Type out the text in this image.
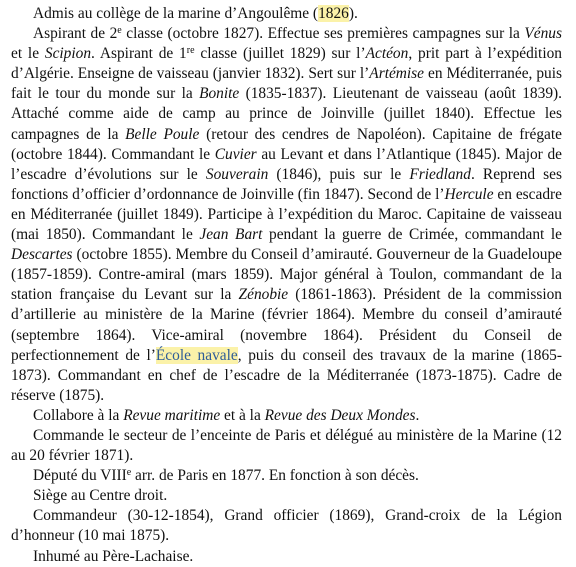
Admis au collège de la marine d’Angoulême (1826).

Aspirant de 2e classe (octobre 1827). Effectue ses premières campagnes sur la Vénus et le Scipion. Aspirant de 1re classe (juillet 1829) sur l’Actéon, prit part à l’expédition d’Algérie. Enseigne de vaisseau (janvier 1832). Sert sur l’Artémise en Méditerranée, puis fait le tour du monde sur la Bonite (1835-1837). Lieutenant de vaisseau (août 1839). Attaché comme aide de camp au prince de Joinville (juillet 1840). Effectue les campagnes de la Belle Poule (retour des cendres de Napoléon). Capitaine de frégate (octobre 1844). Commandant le Cuvier au Levant et dans l’Atlantique (1845). Major de l’escadre d’évolutions sur le Souverain (1846), puis sur le Friedland. Reprend ses fonctions d’officier d’ordonnance de Joinville (fin 1847). Second de l’Hercule en escadre en Méditerranée (juillet 1849). Participe à l’expédition du Maroc. Capitaine de vaisseau (mai 1850). Commandant le Jean Bart pendant la guerre de Crimée, commandant le Descartes (octobre 1855). Membre du Conseil d’amirauté. Gouverneur de la Guadeloupe (1857-1859). Contre-amiral (mars 1859). Major général à Toulon, commandant de la station française du Levant sur la Zénobie (1861-1863). Président de la commission d’artillerie au ministère de la Marine (février 1864). Membre du conseil d’amirauté (septembre 1864). Vice-amiral (novembre 1864). Président du Conseil de perfectionnement de l’École navale, puis du conseil des travaux de la marine (1865-1873). Commandant en chef de l’escadre de la Méditerranée (1873-1875). Cadre de réserve (1875).

Collabore à la Revue maritime et à la Revue des Deux Mondes.

Commande le secteur de l’enceinte de Paris et délégué au ministère de la Marine (12 au 20 février 1871).

Député du VIIIe arr. de Paris en 1877. En fonction à son décès.

Siège au Centre droit.

Commandeur (30-12-1854), Grand officier (1869), Grand-croix de la Légion d’honneur (10 mai 1875).

Inhumé au Père-Lachaise.
